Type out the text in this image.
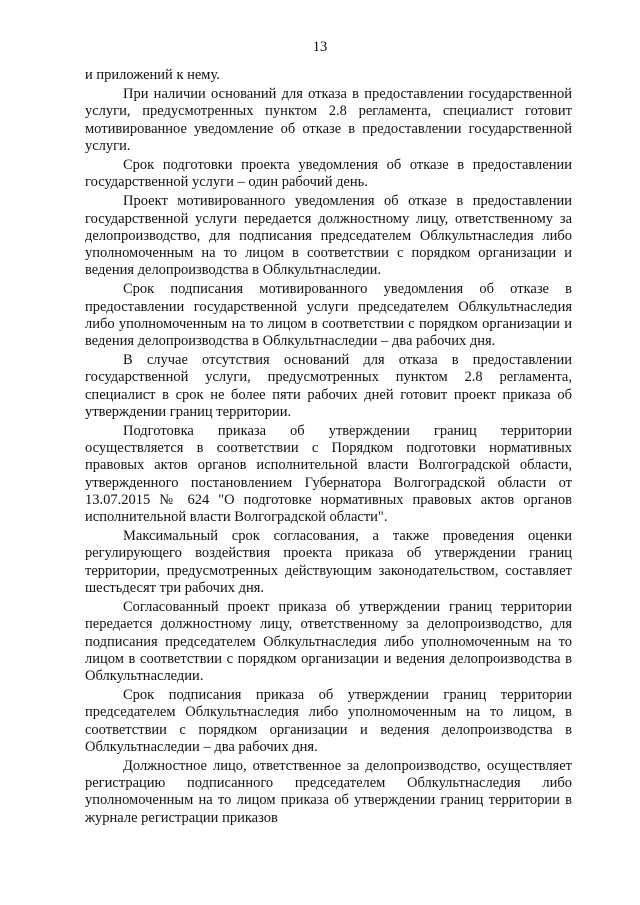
13

и приложений к нему.

При наличии оснований для отказа в предоставлении государственной услуги, предусмотренных пунктом 2.8 регламента, специалист готовит мотивированное уведомление об отказе в предоставлении государственной услуги.

Срок подготовки проекта уведомления об отказе в предоставлении государственной услуги – один рабочий день.

Проект мотивированного уведомления об отказе в предоставлении государственной услуги передается должностному лицу, ответственному за делопроизводство, для подписания председателем Облкультнаследия либо уполномоченным на то лицом в соответствии с порядком организации и ведения делопроизводства в Облкультнаследии.

Срок подписания мотивированного уведомления об отказе в предоставлении государственной услуги председателем Облкультнаследия либо уполномоченным на то лицом в соответствии с порядком организации и ведения делопроизводства в Облкультнаследии – два рабочих дня.

В случае отсутствия оснований для отказа в предоставлении государственной услуги, предусмотренных пунктом 2.8 регламента, специалист в срок не более пяти рабочих дней готовит проект приказа об утверждении границ территории.

Подготовка приказа об утверждении границ территории осуществляется в соответствии с Порядком подготовки нормативных правовых актов органов исполнительной власти Волгоградской области, утвержденного постановлением Губернатора Волгоградской области от 13.07.2015 № 624 "О подготовке нормативных правовых актов органов исполнительной власти Волгоградской области".

Максимальный срок согласования, а также проведения оценки регулирующего воздействия проекта приказа об утверждении границ территории, предусмотренных действующим законодательством, составляет шестьдесят три рабочих дня.

Согласованный проект приказа об утверждении границ территории передается должностному лицу, ответственному за делопроизводство, для подписания председателем Облкультнаследия либо уполномоченным на то лицом в соответствии с порядком организации и ведения делопроизводства в Облкультнаследии.

Срок подписания приказа об утверждении границ территории председателем Облкультнаследия либо уполномоченным на то лицом, в соответствии с порядком организации и ведения делопроизводства в Облкультнаследии – два рабочих дня.

Должностное лицо, ответственное за делопроизводство, осуществляет регистрацию подписанного председателем Облкультнаследия либо уполномоченным на то лицом приказа об утверждении границ территории в журнале регистрации приказов
